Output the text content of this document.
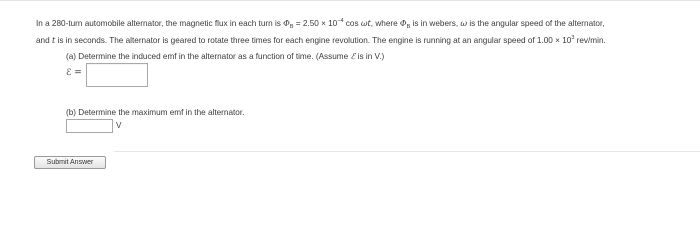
In a 280-turn automobile alternator, the magnetic flux in each turn is $\Phi_B = 2.50 \times 10^{-4}$ cos ωt, where $\Phi_B$ is in webers, ω is the angular speed of the alternator,
and t is in seconds. The alternator is geared to rotate three times for each engine revolution. The engine is running at an angular speed of $1.00 \times 10^3$ rev/min.
(a) Determine the induced emf in the alternator as a function of time. (Assume ℰ is in V.)
ℰ =
(b) Determine the maximum emf in the alternator.
V
Submit Answer
